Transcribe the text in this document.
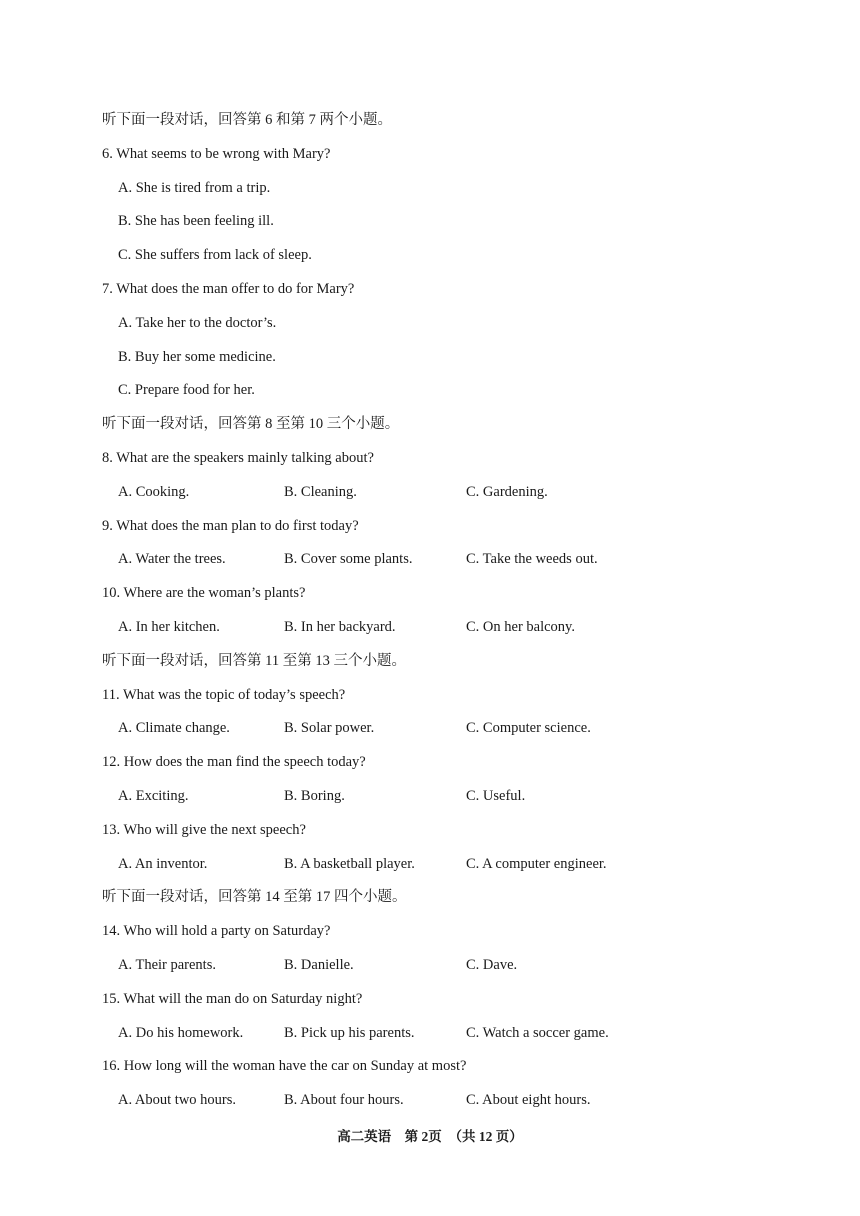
听下面一段对话，回答第 6 和第 7 两个小题。
6. What seems to be wrong with Mary?
A. She is tired from a trip.
B. She has been feeling ill.
C. She suffers from lack of sleep.
7. What does the man offer to do for Mary?
A. Take her to the doctor’s.
B. Buy her some medicine.
C. Prepare food for her.
听下面一段对话，回答第 8 至第 10 三个小题。
8. What are the speakers mainly talking about?
A. Cooking.	B. Cleaning.	C. Gardening.
9. What does the man plan to do first today?
A. Water the trees.	B. Cover some plants.	C. Take the weeds out.
10. Where are the woman’s plants?
A. In her kitchen.	B. In her backyard.	C. On her balcony.
听下面一段对话，回答第 11 至第 13 三个小题。
11. What was the topic of today’s speech?
A. Climate change.	B. Solar power.	C. Computer science.
12. How does the man find the speech today?
A. Exciting.	B. Boring.	C. Useful.
13. Who will give the next speech?
A. An inventor.	B. A basketball player.	C. A computer engineer.
听下面一段对话，回答第 14 至第 17 四个小题。
14. Who will hold a party on Saturday?
A. Their parents.	B. Danielle.	C. Dave.
15. What will the man do on Saturday night?
A. Do his homework.	B. Pick up his parents.	C. Watch a soccer game.
16. How long will the woman have the car on Sunday at most?
A. About two hours.	B. About four hours.	C. About eight hours.
高二英语　第 2页　（共 12 页）
